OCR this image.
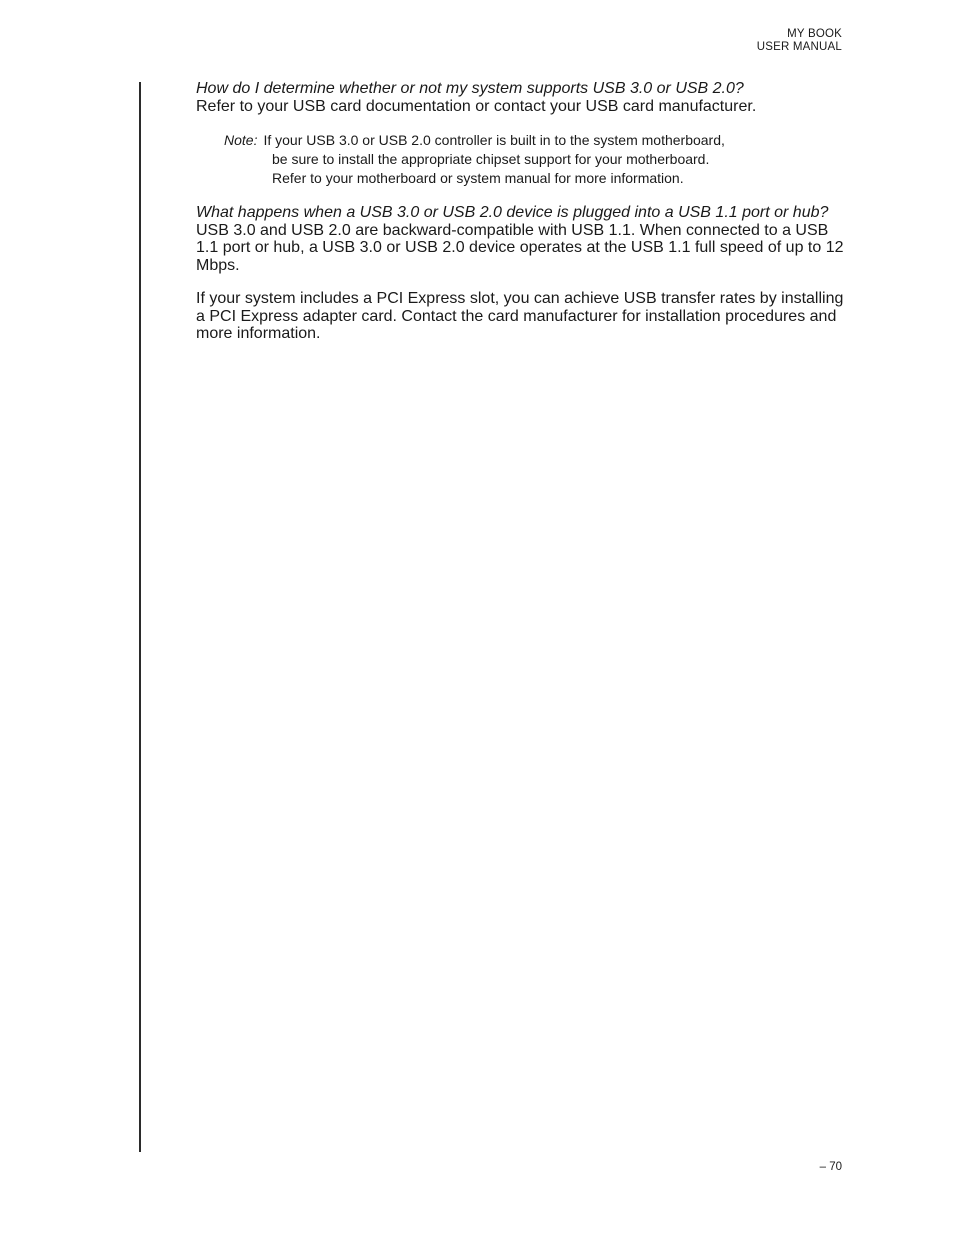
MY BOOK
USER MANUAL

How do I determine whether or not my system supports USB 3.0 or USB 2.0?

Refer to your USB card documentation or contact your USB card manufacturer.

Note: If your USB 3.0 or USB 2.0 controller is built in to the system motherboard,
be sure to install the appropriate chipset support for your motherboard.
Refer to your motherboard or system manual for more information.

What happens when a USB 3.0 or USB 2.0 device is plugged into a USB 1.1 port or hub?

USB 3.0 and USB 2.0 are backward-compatible with USB 1.1. When connected to a USB 1.1 port or hub, a USB 3.0 or USB 2.0 device operates at the USB 1.1 full speed of up to 12 Mbps.

If your system includes a PCI Express slot, you can achieve USB transfer rates by installing a PCI Express adapter card. Contact the card manufacturer for installation procedures and more information.

– 70
